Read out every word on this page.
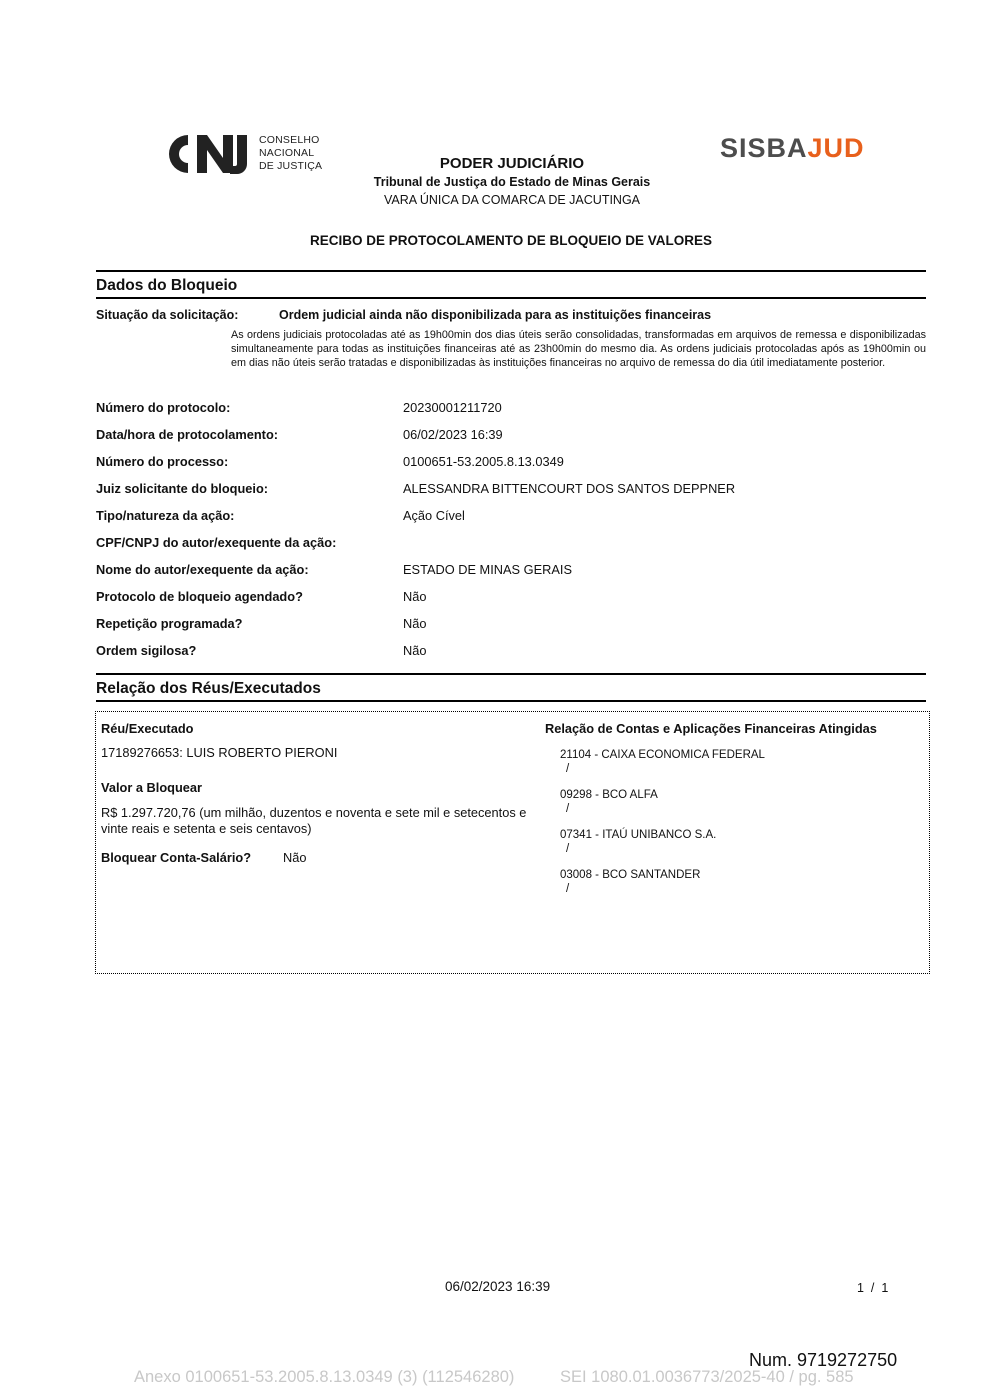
CONSELHO
NACIONAL
DE JUSTIÇA
SISBAJUD
PODER JUDICIÁRIO
Tribunal de Justiça do Estado de Minas Gerais
VARA ÚNICA DA COMARCA DE JACUTINGA
RECIBO DE PROTOCOLAMENTO DE BLOQUEIO DE VALORES
Dados do Bloqueio
Situação da solicitação:	Ordem judicial ainda não disponibilizada para as instituições financeiras
As ordens judiciais protocoladas até as 19h00min dos dias úteis serão consolidadas, transformadas em arquivos de remessa e disponibilizadas simultaneamente para todas as instituições financeiras até as 23h00min do mesmo dia. As ordens judiciais protocoladas após as 19h00min ou em dias não úteis serão tratadas e disponibilizadas às instituições financeiras no arquivo de remessa do dia útil imediatamente posterior.
Número do protocolo:	20230001211720
Data/hora de protocolamento:	06/02/2023 16:39
Número do processo:	0100651-53.2005.8.13.0349
Juiz solicitante do bloqueio:	ALESSANDRA BITTENCOURT DOS SANTOS DEPPNER
Tipo/natureza da ação:	Ação Cível
CPF/CNPJ do autor/exequente da ação:
Nome do autor/exequente da ação:	ESTADO DE MINAS GERAIS
Protocolo de bloqueio agendado?	Não
Repetição programada?	Não
Ordem sigilosa?	Não
Relação dos Réus/Executados
Réu/Executado	Relação de Contas e Aplicações Financeiras Atingidas
17189276653: LUIS ROBERTO PIERONI
Valor a Bloquear
R$ 1.297.720,76 (um milhão, duzentos e noventa e sete mil e setecentos e vinte reais e setenta e seis centavos)
Bloquear Conta-Salário? Não
21104 - CAIXA ECONOMICA FEDERAL
/
09298 - BCO ALFA
/
07341 - ITAÚ UNIBANCO S.A.
/
03008 - BCO SANTANDER
/
06/02/2023 16:39	1  /  1
Num. 9719272750
Anexo 0100651-53.2005.8.13.0349 (3) (112546280)	SEI 1080.01.0036773/2025-40 / pg. 585
